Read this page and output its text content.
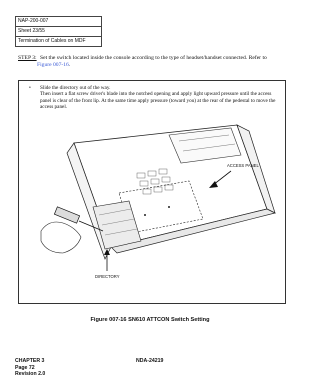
NAP-200-007
Sheet 23/55
Termination of Cables on MDF
STEP 3: Set the switch located inside the console according to the type of headset/handset connected. Refer to
Figure 007-16.
•	Slide the directory out of the way.
Then insert a flat screw driver's blade into the notched opening and apply light upward pressure until the access panel is clear of the front lip. At the same time apply pressure (toward you) at the rear of the pedestal to move the access panel.
ACCESS PANEL
DIRECTORY
Figure 007-16 SN610 ATTCON Switch Setting
CHAPTER 3
Page 72
Revision 2.0
NDA-24219
